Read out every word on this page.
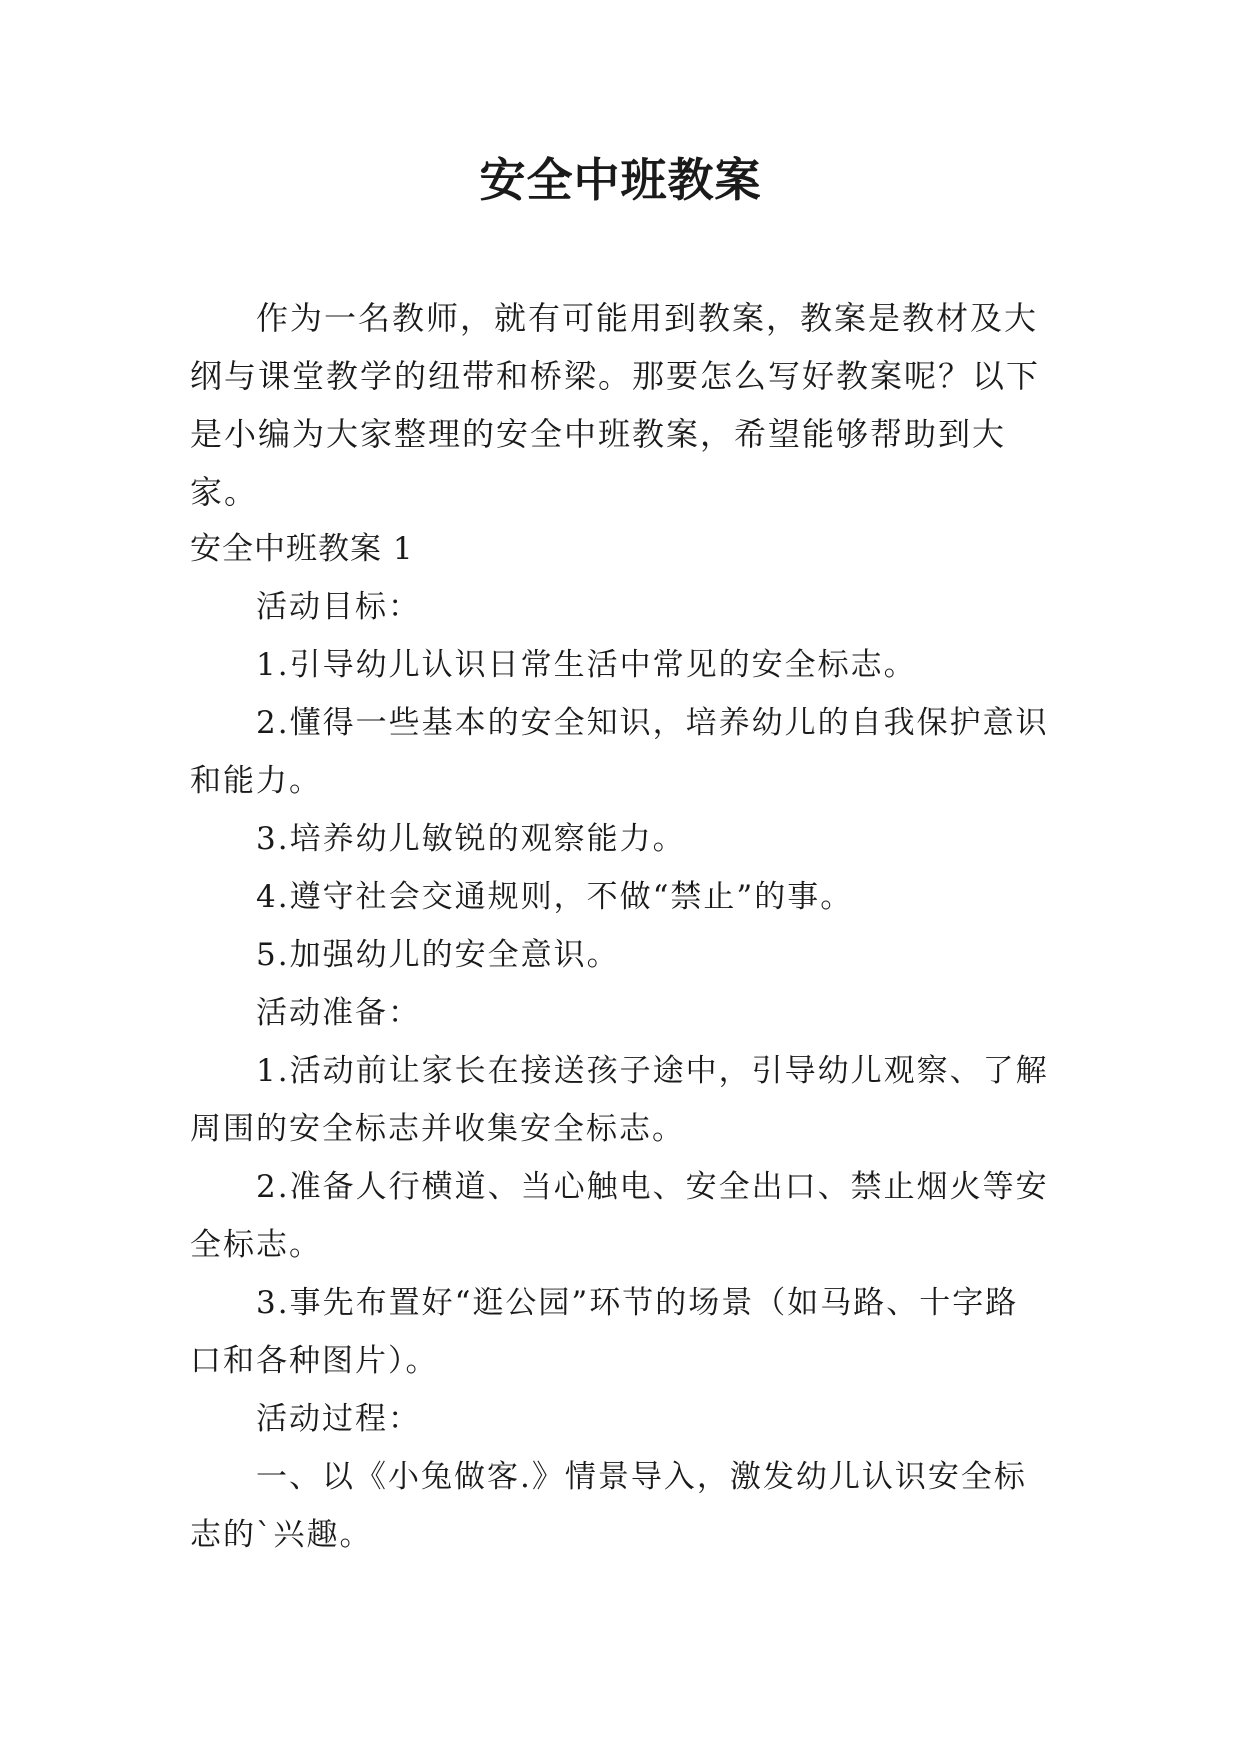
安全中班教案

作为一名教师，就有可能用到教案，教案是教材及大纲与课堂教学的纽带和桥梁。那要怎么写好教案呢？以下是小编为大家整理的安全中班教案，希望能够帮助到大家。

安全中班教案 1

活动目标：

1.引导幼儿认识日常生活中常见的安全标志。

2.懂得一些基本的安全知识，培养幼儿的自我保护意识和能力。

3.培养幼儿敏锐的观察能力。

4.遵守社会交通规则，不做“禁止”的事。

5.加强幼儿的安全意识。

活动准备：

1.活动前让家长在接送孩子途中，引导幼儿观察、了解周围的安全标志并收集安全标志。

2.准备人行横道、当心触电、安全出口、禁止烟火等安全标志。

3.事先布置好“逛公园”环节的场景（如马路、十字路口和各种图片）。

活动过程：

一、以《小兔做客.》情景导入，激发幼儿认识安全标志的`兴趣。
